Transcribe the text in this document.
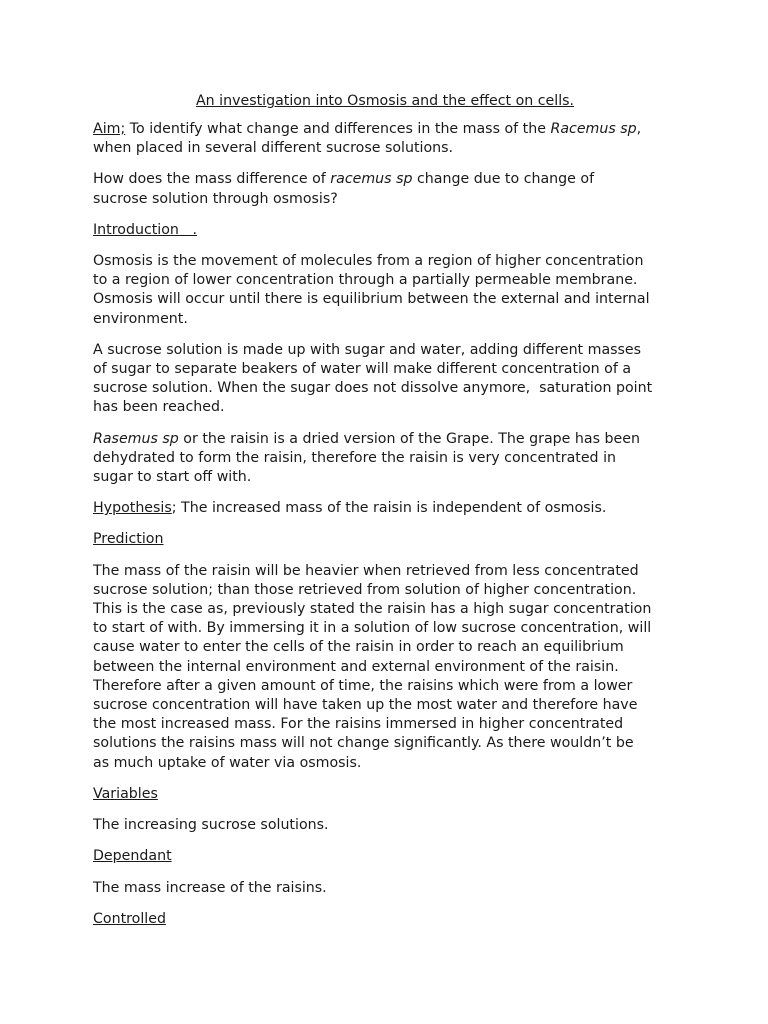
An investigation into Osmosis and the effect on cells.

Aim; To identify what change and differences in the mass of the Racemus sp, when placed in several different sucrose solutions.

How does the mass difference of racemus sp change due to change of sucrose solution through osmosis?

Introduction   .

Osmosis is the movement of molecules from a region of higher concentration to a region of lower concentration through a partially permeable membrane. Osmosis will occur until there is equilibrium between the external and internal environment.

A sucrose solution is made up with sugar and water, adding different masses of sugar to separate beakers of water will make different concentration of a sucrose solution. When the sugar does not dissolve anymore,  saturation point has been reached.

Rasemus sp or the raisin is a dried version of the Grape. The grape has been dehydrated to form the raisin, therefore the raisin is very concentrated in sugar to start off with.

Hypothesis; The increased mass of the raisin is independent of osmosis.

Prediction

The mass of the raisin will be heavier when retrieved from less concentrated sucrose solution; than those retrieved from solution of higher concentration. This is the case as, previously stated the raisin has a high sugar concentration to start of with. By immersing it in a solution of low sucrose concentration, will cause water to enter the cells of the raisin in order to reach an equilibrium between the internal environment and external environment of the raisin. Therefore after a given amount of time, the raisins which were from a lower sucrose concentration will have taken up the most water and therefore have the most increased mass. For the raisins immersed in higher concentrated solutions the raisins mass will not change significantly. As there wouldn’t be as much uptake of water via osmosis.

Variables

The increasing sucrose solutions.

Dependant

The mass increase of the raisins.

Controlled
